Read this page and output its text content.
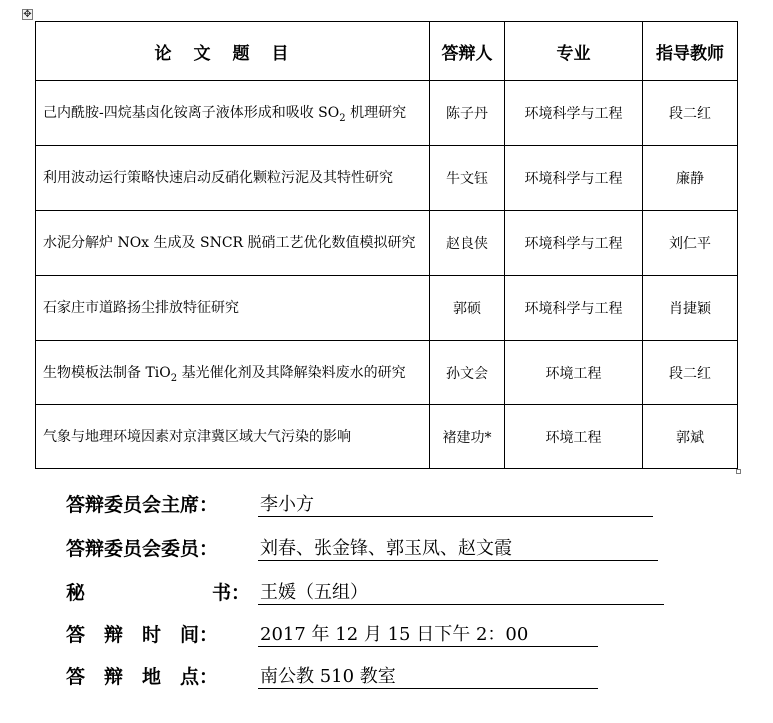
✥
论文题目	答辩人	专业	指导教师
己内酰胺-四烷基卤化铵离子液体形成和吸收 $SO_2$ 机理研究	陈子丹	环境科学与工程	段二红
利用波动运行策略快速启动反硝化颗粒污泥及其特性研究	牛文钰	环境科学与工程	廉静
水泥分解炉 NOx 生成及 SNCR 脱硝工艺优化数值模拟研究	赵良侠	环境科学与工程	刘仁平
石家庄市道路扬尘排放特征研究	郭硕	环境科学与工程	肖捷颖
生物模板法制备 TiO$_2$ 基光催化剂及其降解染料废水的研究	孙文会	环境工程	段二红
气象与地理环境因素对京津冀区域大气污染的影响	褚建功*	环境工程	郭斌
答辩委员会主席： 李小方
答辩委员会委员： 刘春、张金锋、郭玉凤、赵文霞
秘	书： 王媛（五组）
答　辩　时　间： 2017 年 12 月 15 日下午 2：00
答　辩　地　点： 南公教 510 教室
